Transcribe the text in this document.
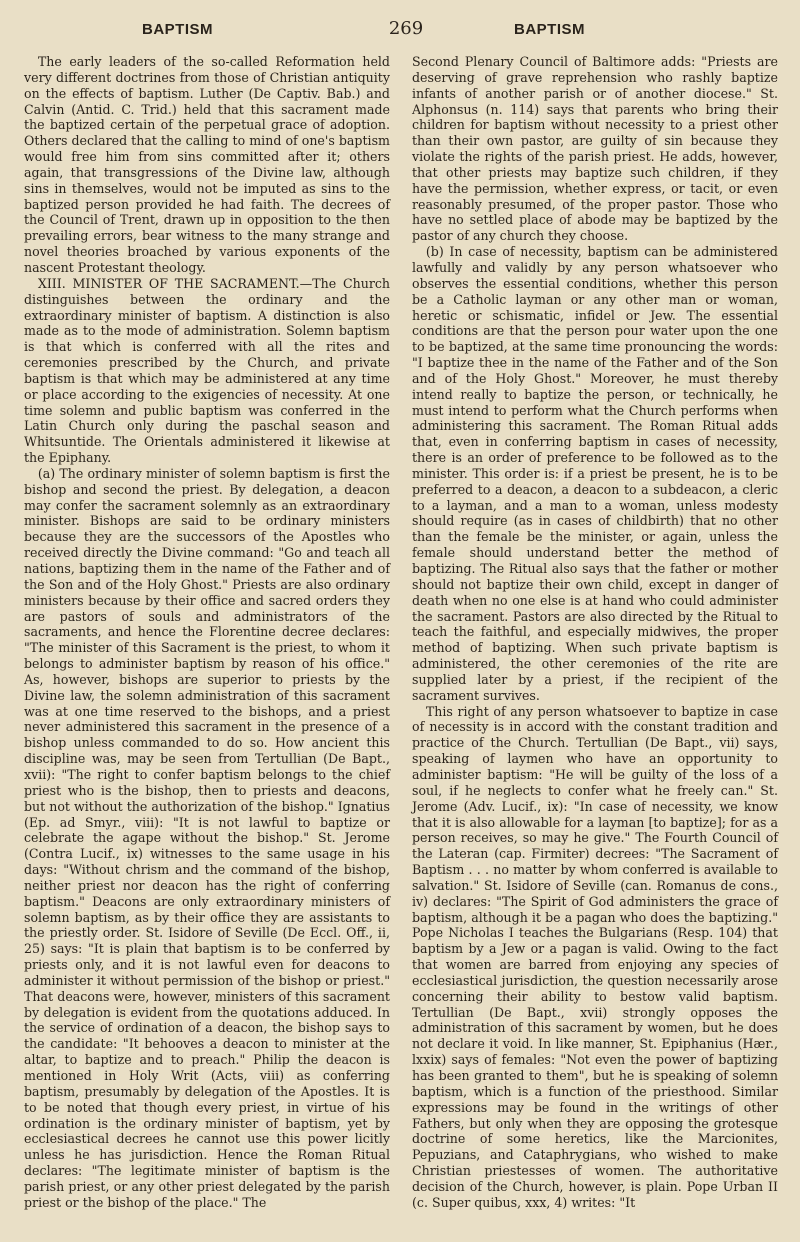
BAPTISM	269	BAPTISM

The early leaders of the so-called Reformation held very different doctrines from those of Christian antiquity on the effects of baptism. Luther (De Captiv. Bab.) and Calvin (Antid. C. Trid.) held that this sacrament made the baptized certain of the perpetual grace of adoption. Others declared that the calling to mind of one's baptism would free him from sins committed after it; others again, that transgressions of the Divine law, although sins in themselves, would not be imputed as sins to the baptized person provided he had faith. The decrees of the Council of Trent, drawn up in opposition to the then prevailing errors, bear witness to the many strange and novel theories broached by various exponents of the nascent Protestant theology.

XIII. MINISTER OF THE SACRAMENT.—The Church distinguishes between the ordinary and the extraordinary minister of baptism. A distinction is also made as to the mode of administration. Solemn baptism is that which is conferred with all the rites and ceremonies prescribed by the Church, and private baptism is that which may be administered at any time or place according to the exigencies of necessity. At one time solemn and public baptism was conferred in the Latin Church only during the paschal season and Whitsuntide. The Orientals administered it likewise at the Epiphany.

(a) The ordinary minister of solemn baptism is first the bishop and second the priest. By delegation, a deacon may confer the sacrament solemnly as an extraordinary minister. Bishops are said to be ordinary ministers because they are the successors of the Apostles who received directly the Divine command: "Go and teach all nations, baptizing them in the name of the Father and of the Son and of the Holy Ghost." Priests are also ordinary ministers because by their office and sacred orders they are pastors of souls and administrators of the sacraments, and hence the Florentine decree declares: "The minister of this Sacrament is the priest, to whom it belongs to administer baptism by reason of his office." As, however, bishops are superior to priests by the Divine law, the solemn administration of this sacrament was at one time reserved to the bishops, and a priest never administered this sacrament in the presence of a bishop unless commanded to do so. How ancient this discipline was, may be seen from Tertullian (De Bapt., xvii): "The right to confer baptism belongs to the chief priest who is the bishop, then to priests and deacons, but not without the authorization of the bishop." Ignatius (Ep. ad Smyr., viii): "It is not lawful to baptize or celebrate the agape without the bishop." St. Jerome (Contra Lucif., ix) witnesses to the same usage in his days: "Without chrism and the command of the bishop, neither priest nor deacon has the right of conferring baptism." Deacons are only extraordinary ministers of solemn baptism, as by their office they are assistants to the priestly order. St. Isidore of Seville (De Eccl. Off., ii, 25) says: "It is plain that baptism is to be conferred by priests only, and it is not lawful even for deacons to administer it without permission of the bishop or priest." That deacons were, however, ministers of this sacrament by delegation is evident from the quotations adduced. In the service of ordination of a deacon, the bishop says to the candidate: "It behooves a deacon to minister at the altar, to baptize and to preach." Philip the deacon is mentioned in Holy Writ (Acts, viii) as conferring baptism, presumably by delegation of the Apostles. It is to be noted that though every priest, in virtue of his ordination is the ordinary minister of baptism, yet by ecclesiastical decrees he cannot use this power licitly unless he has jurisdiction. Hence the Roman Ritual declares: "The legitimate minister of baptism is the parish priest, or any other priest delegated by the parish priest or the bishop of the place." The

Second Plenary Council of Baltimore adds: "Priests are deserving of grave reprehension who rashly baptize infants of another parish or of another diocese." St. Alphonsus (n. 114) says that parents who bring their children for baptism without necessity to a priest other than their own pastor, are guilty of sin because they violate the rights of the parish priest. He adds, however, that other priests may baptize such children, if they have the permission, whether express, or tacit, or even reasonably presumed, of the proper pastor. Those who have no settled place of abode may be baptized by the pastor of any church they choose.

(b) In case of necessity, baptism can be administered lawfully and validly by any person whatsoever who observes the essential conditions, whether this person be a Catholic layman or any other man or woman, heretic or schismatic, infidel or Jew. The essential conditions are that the person pour water upon the one to be baptized, at the same time pronouncing the words: "I baptize thee in the name of the Father and of the Son and of the Holy Ghost." Moreover, he must thereby intend really to baptize the person, or technically, he must intend to perform what the Church performs when administering this sacrament. The Roman Ritual adds that, even in conferring baptism in cases of necessity, there is an order of preference to be followed as to the minister. This order is: if a priest be present, he is to be preferred to a deacon, a deacon to a subdeacon, a cleric to a layman, and a man to a woman, unless modesty should require (as in cases of childbirth) that no other than the female be the minister, or again, unless the female should understand better the method of baptizing. The Ritual also says that the father or mother should not baptize their own child, except in danger of death when no one else is at hand who could administer the sacrament. Pastors are also directed by the Ritual to teach the faithful, and especially midwives, the proper method of baptizing. When such private baptism is administered, the other ceremonies of the rite are supplied later by a priest, if the recipient of the sacrament survives.

This right of any person whatsoever to baptize in case of necessity is in accord with the constant tradition and practice of the Church. Tertullian (De Bapt., vii) says, speaking of laymen who have an opportunity to administer baptism: "He will be guilty of the loss of a soul, if he neglects to confer what he freely can." St. Jerome (Adv. Lucif., ix): "In case of necessity, we know that it is also allowable for a layman [to baptize]; for as a person receives, so may he give." The Fourth Council of the Lateran (cap. Firmiter) decrees: "The Sacrament of Baptism . . . no matter by whom conferred is available to salvation." St. Isidore of Seville (can. Romanus de cons., iv) declares: "The Spirit of God administers the grace of baptism, although it be a pagan who does the baptizing." Pope Nicholas I teaches the Bulgarians (Resp. 104) that baptism by a Jew or a pagan is valid. Owing to the fact that women are barred from enjoying any species of ecclesiastical jurisdiction, the question necessarily arose concerning their ability to bestow valid baptism. Tertullian (De Bapt., xvii) strongly opposes the administration of this sacrament by women, but he does not declare it void. In like manner, St. Epiphanius (Hær., lxxix) says of females: "Not even the power of baptizing has been granted to them", but he is speaking of solemn baptism, which is a function of the priesthood. Similar expressions may be found in the writings of other Fathers, but only when they are opposing the grotesque doctrine of some heretics, like the Marcionites, Pepuzians, and Cataphrygians, who wished to make Christian priestesses of women. The authoritative decision of the Church, however, is plain. Pope Urban II (c. Super quibus, xxx, 4) writes: "It
